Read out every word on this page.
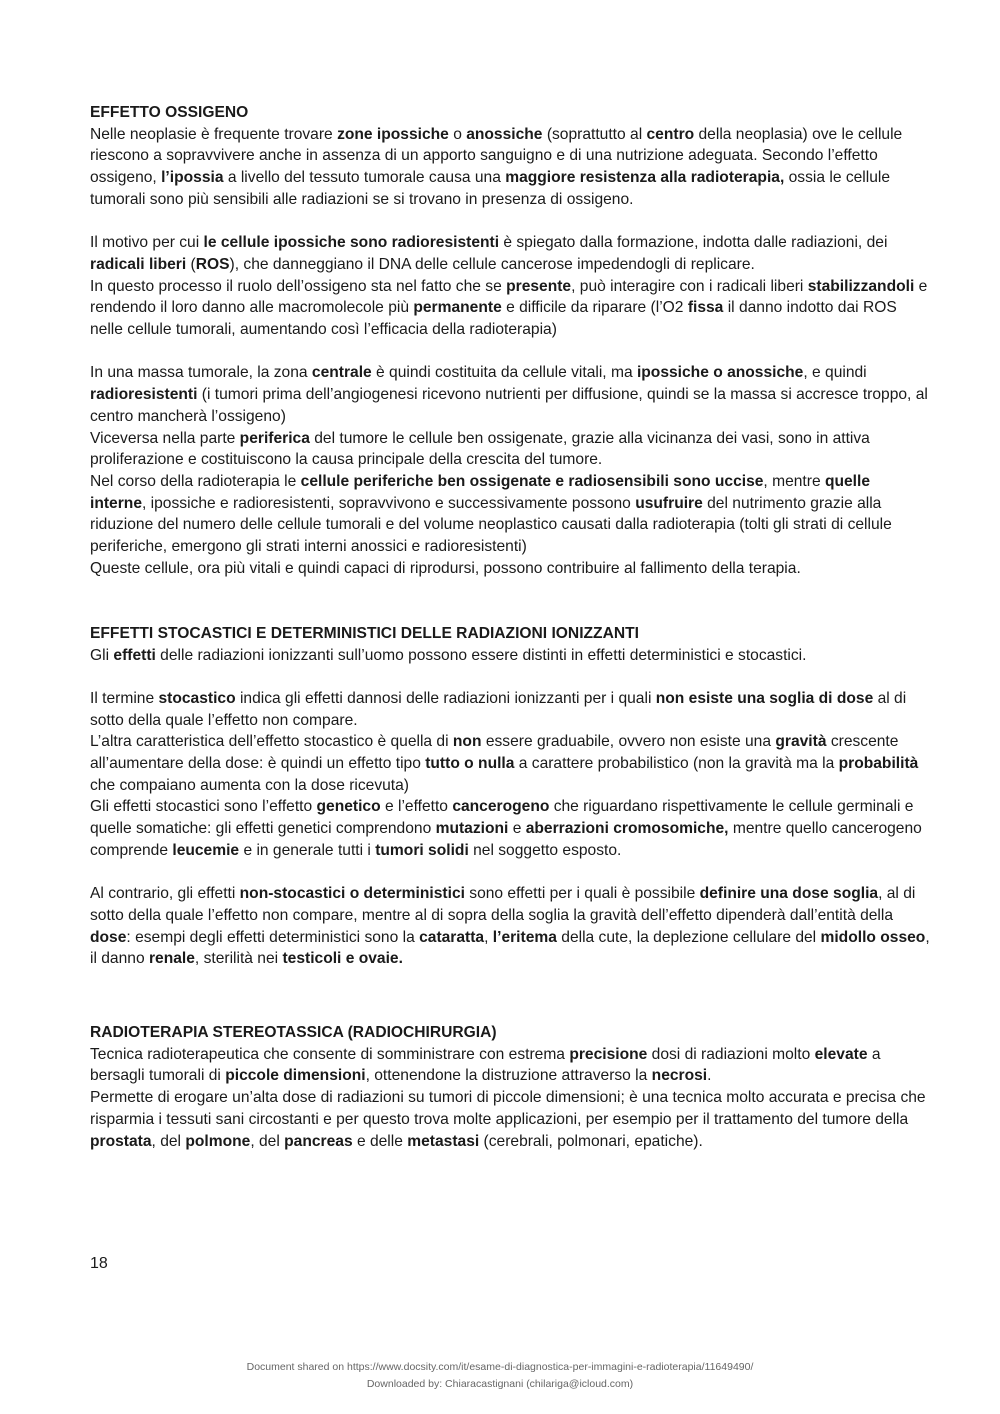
EFFETTO OSSIGENO

Nelle neoplasie è frequente trovare zone ipossiche o anossiche (soprattutto al centro della neoplasia) ove le cellule riescono a sopravvivere anche in assenza di un apporto sanguigno e di una nutrizione adeguata. Secondo l’effetto ossigeno, l’ipossia a livello del tessuto tumorale causa una maggiore resistenza alla radioterapia, ossia le cellule tumorali sono più sensibili alle radiazioni se si trovano in presenza di ossigeno.

Il motivo per cui le cellule ipossiche sono radioresistenti è spiegato dalla formazione, indotta dalle radiazioni, dei radicali liberi (ROS), che danneggiano il DNA delle cellule cancerose impedendogli di replicare.

In questo processo il ruolo dell’ossigeno sta nel fatto che se presente, può interagire con i radicali liberi stabilizzandoli e rendendo il loro danno alle macromolecole più permanente e difficile da riparare (l’O2 fissa il danno indotto dai ROS nelle cellule tumorali, aumentando così l’efficacia della radioterapia)

In una massa tumorale, la zona centrale è quindi costituita da cellule vitali, ma ipossiche o anossiche, e quindi radioresistenti (i tumori prima dell’angiogenesi ricevono nutrienti per diffusione, quindi se la massa si accresce troppo, al centro mancherà l’ossigeno)

Viceversa nella parte periferica del tumore le cellule ben ossigenate, grazie alla vicinanza dei vasi, sono in attiva proliferazione e costituiscono la causa principale della crescita del tumore.

Nel corso della radioterapia le cellule periferiche ben ossigenate e radiosensibili sono uccise, mentre quelle interne, ipossiche e radioresistenti, sopravvivono e successivamente possono usufruire del nutrimento grazie alla riduzione del numero delle cellule tumorali e del volume neoplastico causati dalla radioterapia (tolti gli strati di cellule periferiche, emergono gli strati interni anossici e radioresistenti)

Queste cellule, ora più vitali e quindi capaci di riprodursi, possono contribuire al fallimento della terapia.

EFFETTI STOCASTICI E DETERMINISTICI DELLE RADIAZIONI IONIZZANTI

Gli effetti delle radiazioni ionizzanti sull’uomo possono essere distinti in effetti deterministici e stocastici.

Il termine stocastico indica gli effetti dannosi delle radiazioni ionizzanti per i quali non esiste una soglia di dose al di sotto della quale l’effetto non compare.

L’altra caratteristica dell’effetto stocastico è quella di non essere graduabile, ovvero non esiste una gravità crescente all’aumentare della dose: è quindi un effetto tipo tutto o nulla a carattere probabilistico (non la gravità ma la probabilità che compaiano aumenta con la dose ricevuta)

Gli effetti stocastici sono l’effetto genetico e l’effetto cancerogeno che riguardano rispettivamente le cellule germinali e quelle somatiche: gli effetti genetici comprendono mutazioni e aberrazioni cromosomiche, mentre quello cancerogeno comprende leucemie e in generale tutti i tumori solidi nel soggetto esposto.

Al contrario, gli effetti non-stocastici o deterministici sono effetti per i quali è possibile definire una dose soglia, al di sotto della quale l’effetto non compare, mentre al di sopra della soglia la gravità dell’effetto dipenderà dall’entità della dose: esempi degli effetti deterministici sono la cataratta, l’eritema della cute, la deplezione cellulare del midollo osseo, il danno renale, sterilità nei testicoli e ovaie.

RADIOTERAPIA STEREOTASSICA (RADIOCHIRURGIA)

Tecnica radioterapeutica che consente di somministrare con estrema precisione dosi di radiazioni molto elevate a bersagli tumorali di piccole dimensioni, ottenendone la distruzione attraverso la necrosi.

Permette di erogare un’alta dose di radiazioni su tumori di piccole dimensioni; è una tecnica molto accurata e precisa che risparmia i tessuti sani circostanti e per questo trova molte applicazioni, per esempio per il trattamento del tumore della prostata, del polmone, del pancreas e delle metastasi (cerebrali, polmonari, epatiche).

18
Document shared on https://www.docsity.com/it/esame-di-diagnostica-per-immagini-e-radioterapia/11649490/
Downloaded by: Chiaracastignani (chilariga@icloud.com)
